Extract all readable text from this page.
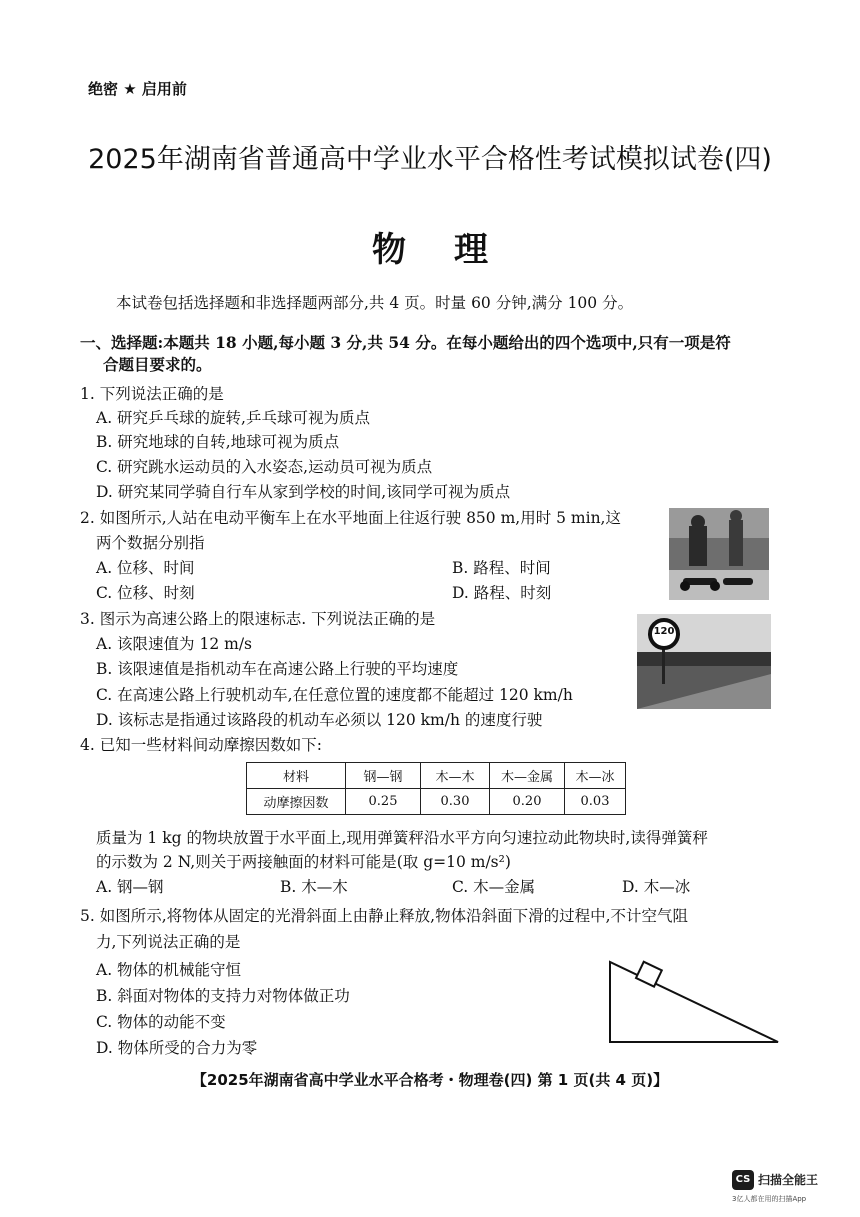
绝密 ★ 启用前
2025年湖南省普通高中学业水平合格性考试模拟试卷(四)
物理
本试卷包括选择题和非选择题两部分,共 4 页。时量 60 分钟,满分 100 分。
一、选择题:本题共 18 小题,每小题 3 分,共 54 分。在每小题给出的四个选项中,只有一项是符
合题目要求的。
1. 下列说法正确的是
A. 研究乒乓球的旋转,乒乓球可视为质点
B. 研究地球的自转,地球可视为质点
C. 研究跳水运动员的入水姿态,运动员可视为质点
D. 研究某同学骑自行车从家到学校的时间,该同学可视为质点
2. 如图所示,人站在电动平衡车上在水平地面上往返行驶 850 m,用时 5 min,这
两个数据分别指
A. 位移、时间	B. 路程、时间
C. 位移、时刻	D. 路程、时刻
3. 图示为高速公路上的限速标志. 下列说法正确的是
A. 该限速值为 12 m/s
B. 该限速值是指机动车在高速公路上行驶的平均速度
C. 在高速公路上行驶机动车,在任意位置的速度都不能超过 120 km/h
D. 该标志是指通过该路段的机动车必须以 120 km/h 的速度行驶
120
4. 已知一些材料间动摩擦因数如下:
材料	钢—钢	木—木	木—金属	木—冰
动摩擦因数	0.25	0.30	0.20	0.03
质量为 1 kg 的物块放置于水平面上,现用弹簧秤沿水平方向匀速拉动此物块时,读得弹簧秤
的示数为 2 N,则关于两接触面的材料可能是(取 g=10 m/s²)
A. 钢—钢	B. 木—木	C. 木—金属	D. 木—冰
5. 如图所示,将物体从固定的光滑斜面上由静止释放,物体沿斜面下滑的过程中,不计空气阻
力,下列说法正确的是
A. 物体的机械能守恒
B. 斜面对物体的支持力对物体做正功
C. 物体的动能不变
D. 物体所受的合力为零
【2025年湖南省高中学业水平合格考・物理卷(四) 第 1 页(共 4 页)】
CS 扫描全能王
3亿人都在用的扫描App
